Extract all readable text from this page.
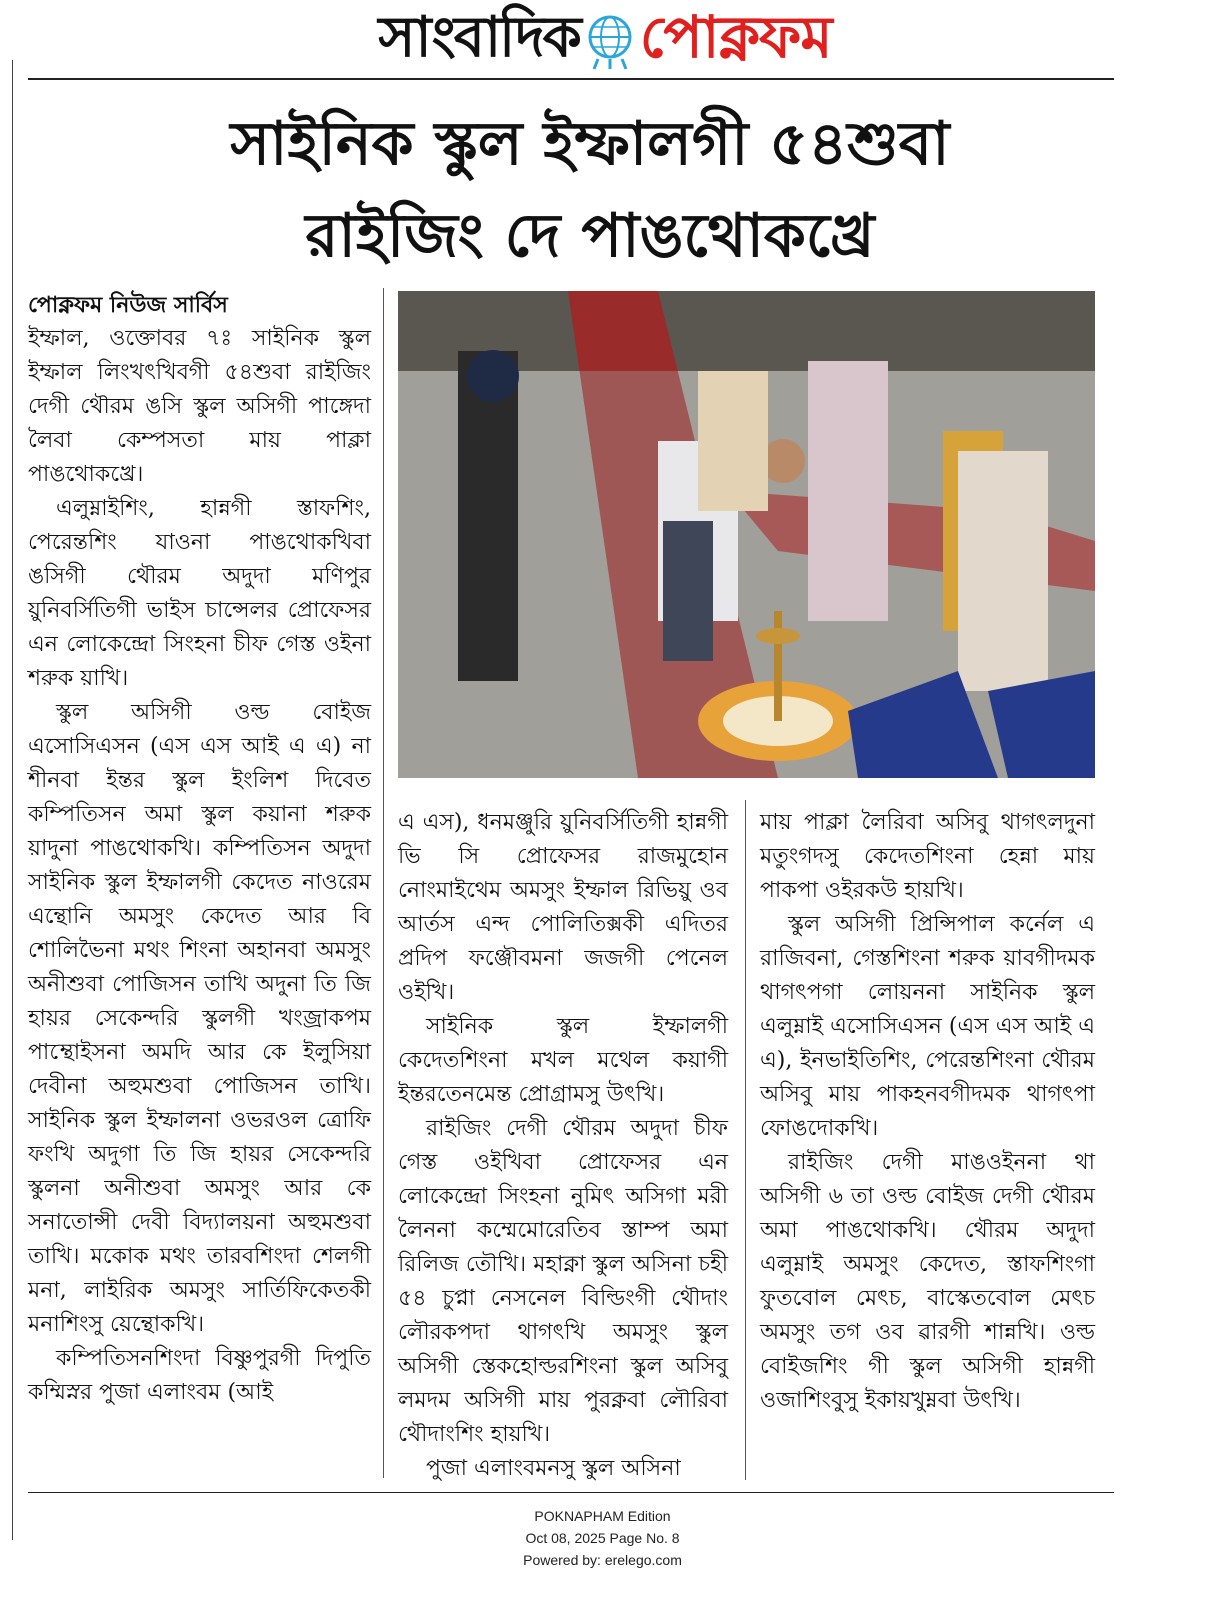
সাংবাদিক পোক্নফম
সাইনিক স্কুল ইম্ফালগী ৫৪শুবা
রাইজিং দে পাঙথোকখ্রে

পোক্নফম নিউজ সার্বিস

ইম্ফাল, ওক্তোবর ৭ঃ সাইনিক স্কুল ইম্ফাল লিংখৎখিবগী ৫৪শুবা রাইজিং দেগী থৌরম ঙসি স্কুল অসিগী পাঙ্গেদা লৈবা কেম্পসতা মায় পাক্লা পাঙথোকখ্রে।

এলুম্নাইশিং, হান্নগী স্তাফশিং, পেরেন্তশিং যাওনা পাঙথোকখিবা ঙসিগী থৌরম অদুদা মণিপুর য়ুনিবর্সিতিগী ভাইস চান্সেলর প্রোফেসর এন লোকেন্দ্রো সিংহনা চীফ গেস্ত ওইনা শরুক য়াখি।

স্কুল অসিগী ওল্ড বোইজ এসোসিএসন (এস এস আই এ এ) না শীনবা ইন্তর স্কুল ইংলিশ দিবেত কম্পিতিসন অমা স্কুল কয়ানা শরুক য়াদুনা পাঙথোকখি। কম্পিতিসন অদুদা সাইনিক স্কুল ইম্ফালগী কেদেত নাওরেম এন্থোনি অমসুং কেদেত আর বি শোলিভৈনা মথং শিংনা অহানবা অমসুং অনীশুবা পোজিসন তাখি অদুনা তি জি হায়র সেকেন্দরি স্কুলগী খংজ্রাকপম পাম্থোইসনা অমদি আর কে ইলুসিয়া দেবীনা অহুমশুবা পোজিসন তাখি। সাইনিক স্কুল ইম্ফালনা ওভরওল ত্রোফি ফংখি অদুগা তি জি হায়র সেকেন্দরি স্কুলনা অনীশুবা অমসুং আর কে সনাতোন্সী দেবী বিদ্যালয়না অহুমশুবা তাখি। মকোক মথং তারবশিংদা শেলগী মনা, লাইরিক অমসুং সার্তিফিকেতকী মনাশিংসু য়েন্থোকখি।

কম্পিতিসনশিংদা বিষ্ণুপুরগী দিপুতি কম্মিস্নর পুজা এলাংবম (আই

এ এস), ধনমঞ্জুরি য়ুনিবর্সিতিগী হান্নগী ভি সি প্রোফেসর রাজমুহোন নোংমাইথেম অমসুং ইম্ফাল রিভিয়ু ওব আর্তস এন্দ পোলিতিক্সকী এদিতর প্রদিপ ফঞ্জৌবমনা জজগী পেনেল ওইখি।

সাইনিক স্কুল ইম্ফালগী কেদেতশিংনা মখল মথেল কয়াগী ইন্তরতেনমেন্ত প্রোগ্রামসু উৎখি।

রাইজিং দেগী থৌরম অদুদা চীফ গেস্ত ওইখিবা প্রোফেসর এন লোকেন্দ্রো সিংহনা নুমিৎ অসিগা মরী লৈননা কম্মেমোরেতিব স্তাম্প অমা রিলিজ তৌখি। মহাক্না স্কুল অসিনা চহী ৫৪ চুপ্না নেসনেল বিল্ডিংগী থৌদাং লৌরকপদা থাগৎখি অমসুং স্কুল অসিগী স্তেকহোল্ডরশিংনা স্কুল অসিবু লমদম অসিগী মায় পুরক্নবা লৌরিবা থৌদাংশিং হায়খি।

পুজা এলাংবমনসু স্কুল অসিনা

মায় পাক্লা লৈরিবা অসিবু থাগৎলদুনা মতুংগদসু কেদেতশিংনা হেন্না মায় পাকপা ওইরকউ হায়খি।

স্কুল অসিগী প্রিন্সিপাল কর্নেল এ রাজিবনা, গেস্তশিংনা শরুক য়াবগীদমক থাগৎপগা লোয়ননা সাইনিক স্কুল এলুম্নাই এসোসিএসন (এস এস আই এ এ), ইনভাইতিশিং, পেরেন্তশিংনা থৌরম অসিবু মায় পাকহনবগীদমক থাগৎপা ফোঙদোকখি।

রাইজিং দেগী মাঙওইননা থা অসিগী ৬ তা ওল্ড বোইজ দেগী থৌরম অমা পাঙথোকখি। থৌরম অদুদা এলুম্নাই অমসুং কেদেত, স্তাফশিংগা ফুতবোল মেৎচ, বাস্কেতবোল মেৎচ অমসুং তগ ওব ৱারগী শান্নখি। ওল্ড বোইজশিং গী স্কুল অসিগী হান্নগী ওজাশিংবুসু ইকায়খুম্নবা উৎখি।

POKNAPHAM Edition
Oct 08, 2025 Page No. 8
Powered by: erelego.com
